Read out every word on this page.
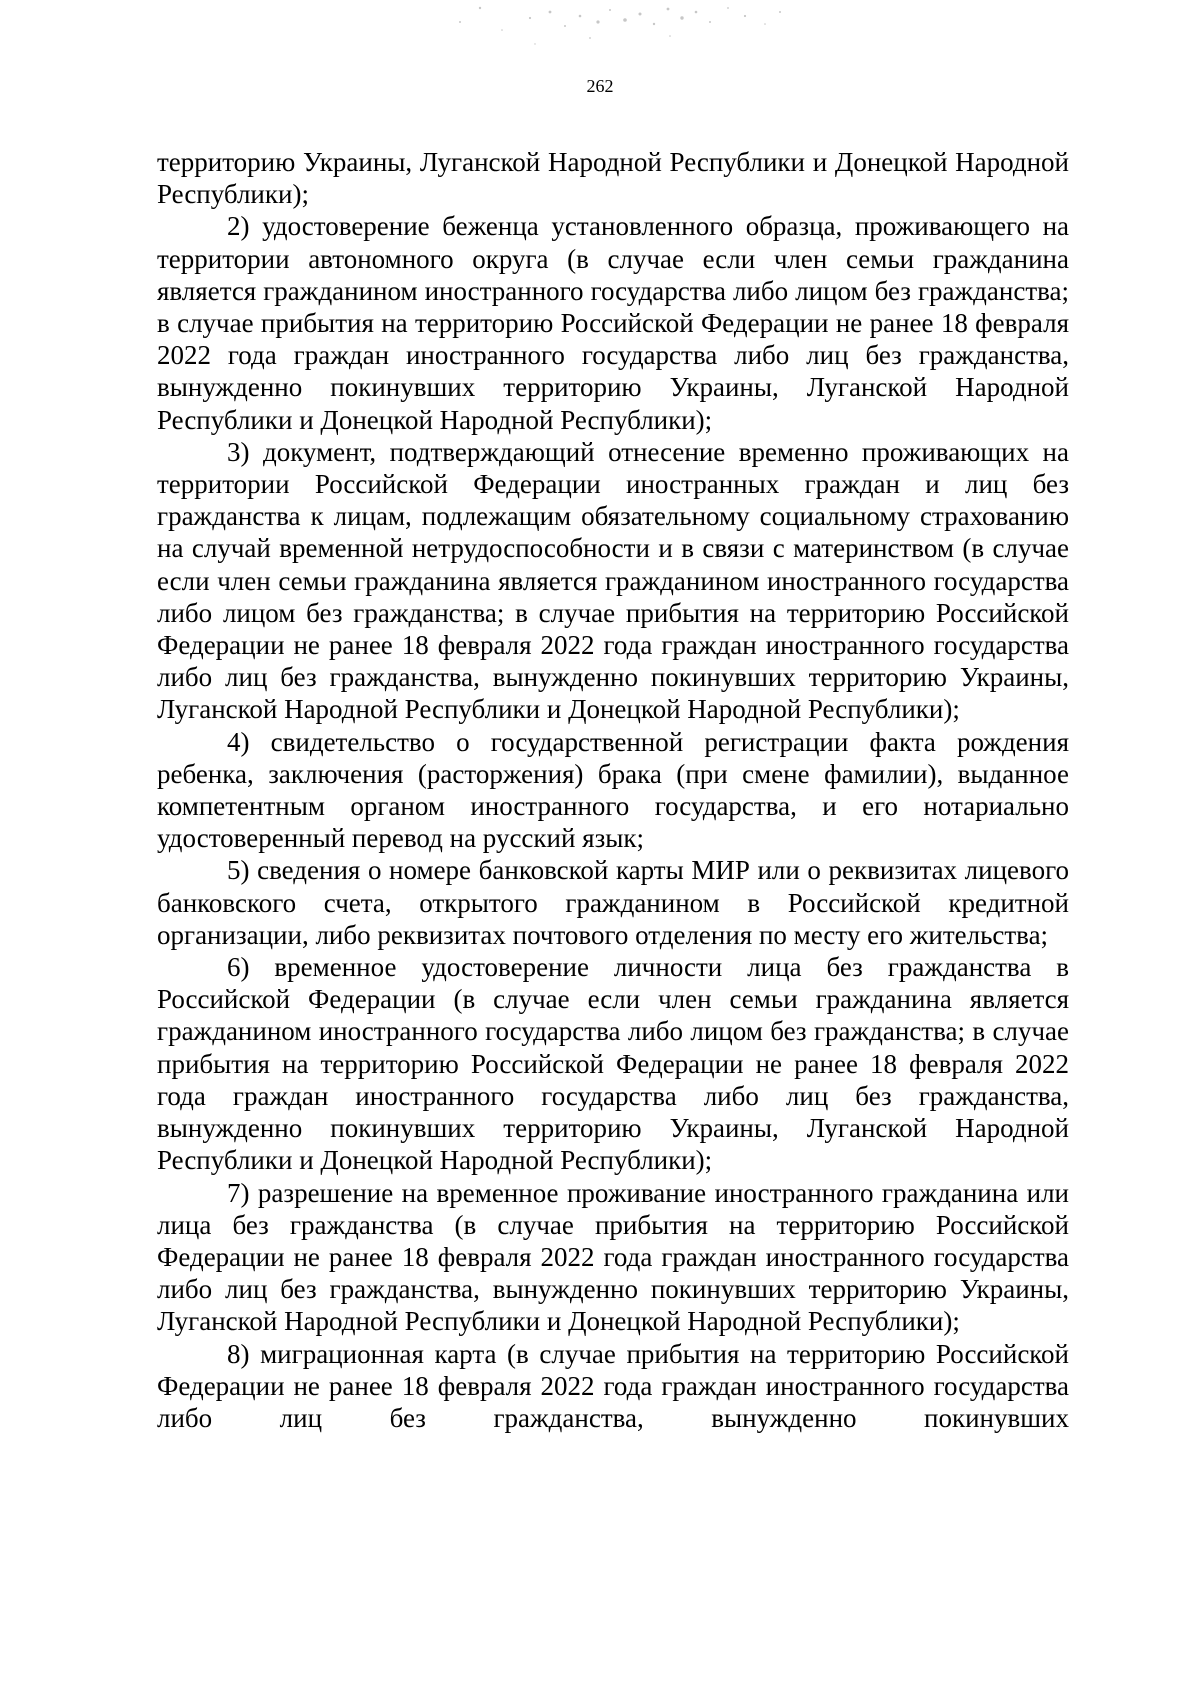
262

территорию Украины, Луганской Народной Республики и Донецкой Народной Республики);

2) удостоверение беженца установленного образца, проживающего на территории автономного округа (в случае если член семьи гражданина является гражданином иностранного государства либо лицом без гражданства; в случае прибытия на территорию Российской Федерации не ранее 18 февраля 2022 года граждан иностранного государства либо лиц без гражданства, вынужденно покинувших территорию Украины, Луганской Народной Республики и Донецкой Народной Республики);

3) документ, подтверждающий отнесение временно проживающих на территории Российской Федерации иностранных граждан и лиц без гражданства к лицам, подлежащим обязательному социальному страхованию на случай временной нетрудоспособности и в связи с материнством (в случае если член семьи гражданина является гражданином иностранного государства либо лицом без гражданства; в случае прибытия на территорию Российской Федерации не ранее 18 февраля 2022 года граждан иностранного государства либо лиц без гражданства, вынужденно покинувших территорию Украины, Луганской Народной Республики и Донецкой Народной Республики);

4) свидетельство о государственной регистрации факта рождения ребенка, заключения (расторжения) брака (при смене фамилии), выданное компетентным органом иностранного государства, и его нотариально удостоверенный перевод на русский язык;

5) сведения о номере банковской карты МИР или о реквизитах лицевого банковского счета, открытого гражданином в Российской кредитной организации, либо реквизитах почтового отделения по месту его жительства;

6) временное удостоверение личности лица без гражданства в Российской Федерации (в случае если член семьи гражданина является гражданином иностранного государства либо лицом без гражданства; в случае прибытия на территорию Российской Федерации не ранее 18 февраля 2022 года граждан иностранного государства либо лиц без гражданства, вынужденно покинувших территорию Украины, Луганской Народной Республики и Донецкой Народной Республики);

7) разрешение на временное проживание иностранного гражданина или лица без гражданства (в случае прибытия на территорию Российской Федерации не ранее 18 февраля 2022 года граждан иностранного государства либо лиц без гражданства, вынужденно покинувших территорию Украины, Луганской Народной Республики и Донецкой Народной Республики);

8) миграционная карта (в случае прибытия на территорию Российской Федерации не ранее 18 февраля 2022 года граждан иностранного государства либо лиц без гражданства, вынужденно покинувших
